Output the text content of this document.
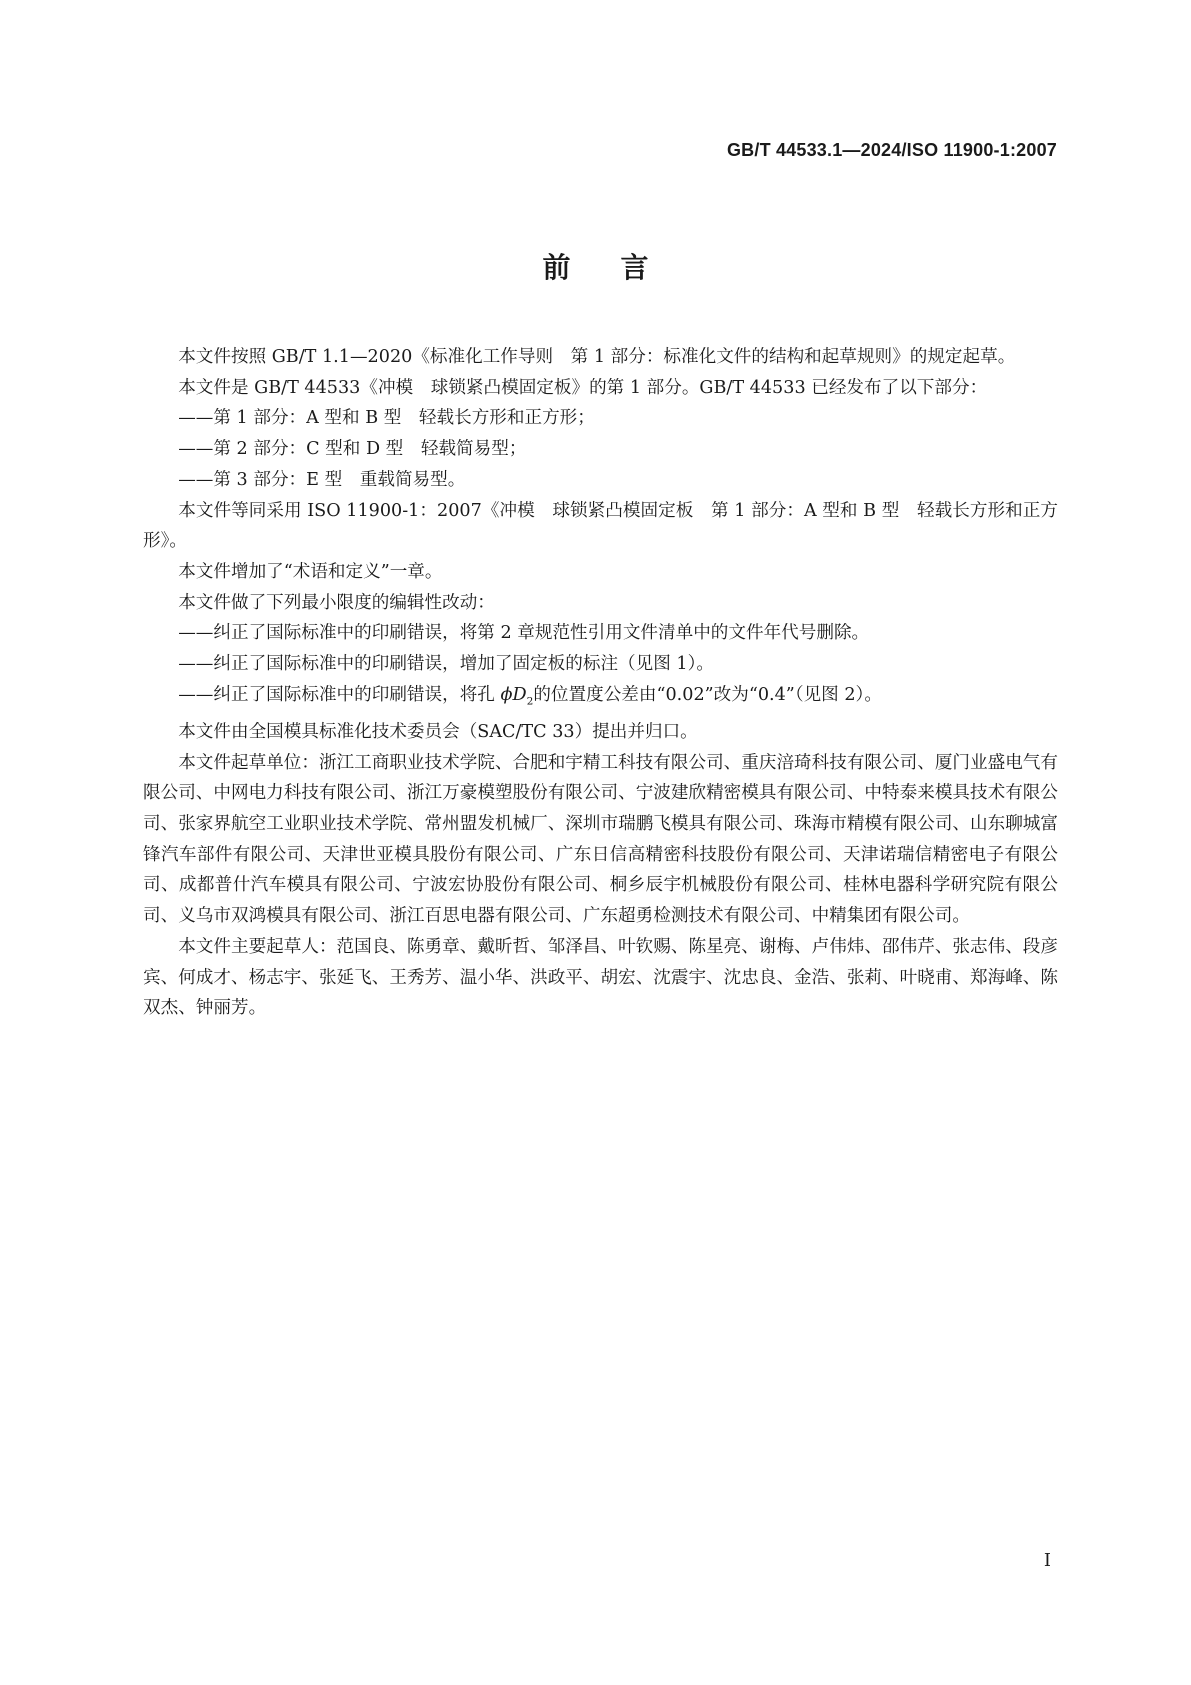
GB/T 44533.1—2024/ISO 11900-1:2007
前言

本文件按照 GB/T 1.1—2020《标准化工作导则　第 1 部分：标准化文件的结构和起草规则》的规定起草。

本文件是 GB/T 44533《冲模　球锁紧凸模固定板》的第 1 部分。GB/T 44533 已经发布了以下部分：

——第 1 部分：A 型和 B 型　轻载长方形和正方形；

——第 2 部分：C 型和 D 型　轻载简易型；

——第 3 部分：E 型　重载简易型。

本文件等同采用 ISO 11900-1：2007《冲模　球锁紧凸模固定板　第 1 部分：A 型和 B 型　轻载长方形和正方形》。

本文件增加了“术语和定义”一章。

本文件做了下列最小限度的编辑性改动：

——纠正了国际标准中的印刷错误，将第 2 章规范性引用文件清单中的文件年代号删除。

——纠正了国际标准中的印刷错误，增加了固定板的标注（见图 1）。

——纠正了国际标准中的印刷错误，将孔 $\phi D_2$的位置度公差由“0.02”改为“0.4”（见图 2）。

本文件由全国模具标准化技术委员会（SAC/TC 33）提出并归口。

本文件起草单位：浙江工商职业技术学院、合肥和宇精工科技有限公司、重庆涪琦科技有限公司、厦门业盛电气有限公司、中网电力科技有限公司、浙江万豪模塑股份有限公司、宁波建欣精密模具有限公司、中特泰来模具技术有限公司、张家界航空工业职业技术学院、常州盟发机械厂、深圳市瑞鹏飞模具有限公司、珠海市精模有限公司、山东聊城富锋汽车部件有限公司、天津世亚模具股份有限公司、广东日信高精密科技股份有限公司、天津诺瑞信精密电子有限公司、成都普什汽车模具有限公司、宁波宏协股份有限公司、桐乡辰宇机械股份有限公司、桂林电器科学研究院有限公司、义乌市双鸿模具有限公司、浙江百思电器有限公司、广东超勇检测技术有限公司、中精集团有限公司。

本文件主要起草人：范国良、陈勇章、戴昕哲、邹泽昌、叶钦赐、陈星亮、谢梅、卢伟炜、邵伟芹、张志伟、段彦宾、何成才、杨志宇、张延飞、王秀芳、温小华、洪政平、胡宏、沈震宇、沈忠良、金浩、张莉、叶晓甫、郑海峰、陈双杰、钟丽芳。

I
